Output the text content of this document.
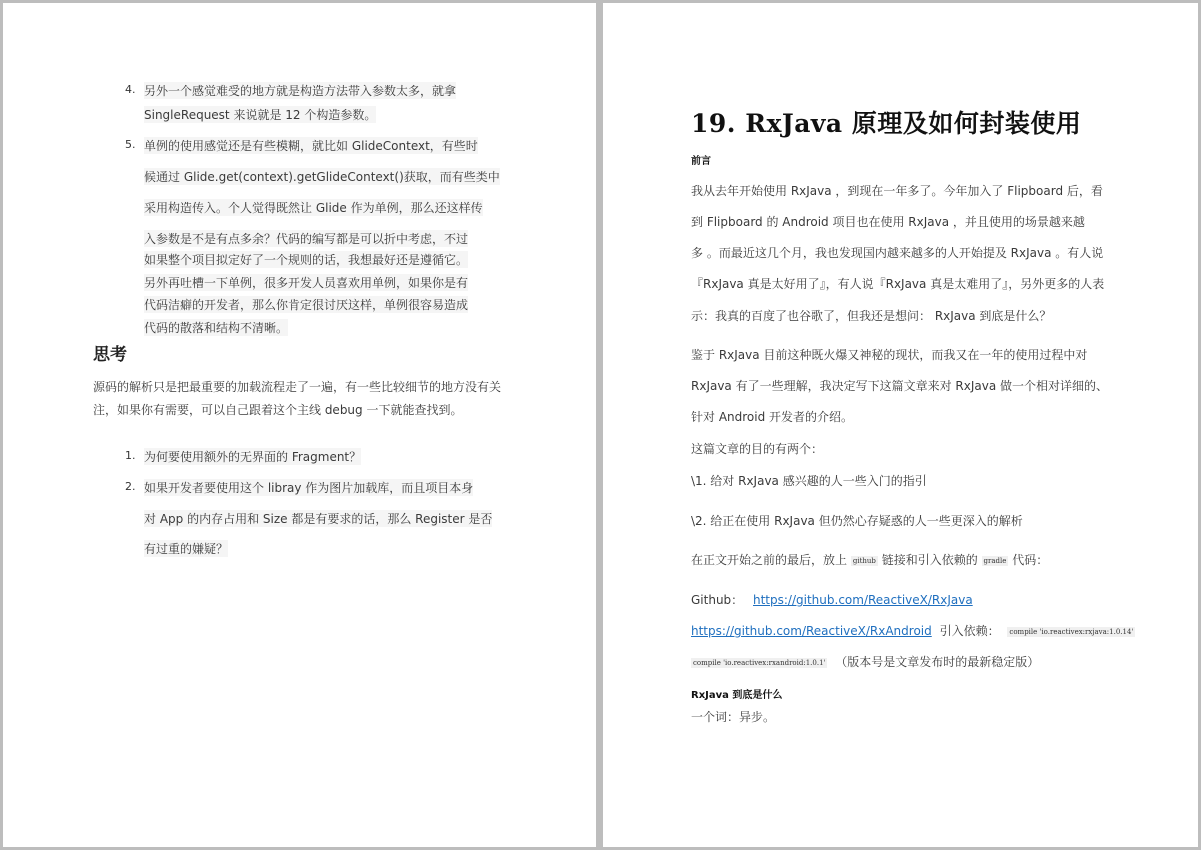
4. 另外一个感觉难受的地方就是构造方法带入参数太多，就拿
SingleRequest 来说就是 12 个构造参数。
5. 单例的使用感觉还是有些模糊，就比如 GlideContext，有些时
候通过 Glide.get(context).getGlideContext()获取，而有些类中
采用构造传入。个人觉得既然让 Glide 作为单例，那么还这样传
入参数是不是有点多余？代码的编写都是可以折中考虑，不过
如果整个项目拟定好了一个规则的话，我想最好还是遵循它。
另外再吐槽一下单例，很多开发人员喜欢用单例，如果你是有
代码洁癖的开发者，那么你肯定很讨厌这样，单例很容易造成
代码的散落和结构不清晰。
思考
源码的解析只是把最重要的加载流程走了一遍，有一些比较细节的地方没有关
注，如果你有需要，可以自己跟着这个主线 debug 一下就能查找到。
1. 为何要使用额外的无界面的 Fragment？
2. 如果开发者要使用这个 libray 作为图片加载库，而且项目本身
对 App 的内存占用和 Size 都是有要求的话，那么 Register 是否
有过重的嫌疑？
19. RxJava 原理及如何封装使用
前言
我从去年开始使用 RxJava ，到现在一年多了。今年加入了 Flipboard 后，看
到 Flipboard 的 Android 项目也在使用 RxJava ，并且使用的场景越来越
多 。而最近这几个月，我也发现国内越来越多的人开始提及 RxJava 。有人说
『RxJava 真是太好用了』，有人说『RxJava 真是太难用了』，另外更多的人表
示：我真的百度了也谷歌了，但我还是想问： RxJava 到底是什么？
鉴于 RxJava 目前这种既火爆又神秘的现状，而我又在一年的使用过程中对
RxJava 有了一些理解，我决定写下这篇文章来对 RxJava 做一个相对详细的、
针对 Android 开发者的介绍。
这篇文章的目的有两个：
\1. 给对 RxJava 感兴趣的人一些入门的指引
\2. 给正在使用 RxJava 但仍然心存疑惑的人一些更深入的解析
在正文开始之前的最后，放上 github 链接和引入依赖的 gradle 代码：
Github： https://github.com/ReactiveX/RxJava
https://github.com/ReactiveX/RxAndroid 引入依赖： compile 'io.reactivex:rxjava:1.0.14'
compile 'io.reactivex:rxandroid:1.0.1' （版本号是文章发布时的最新稳定版）
RxJava 到底是什么
一个词：异步。
